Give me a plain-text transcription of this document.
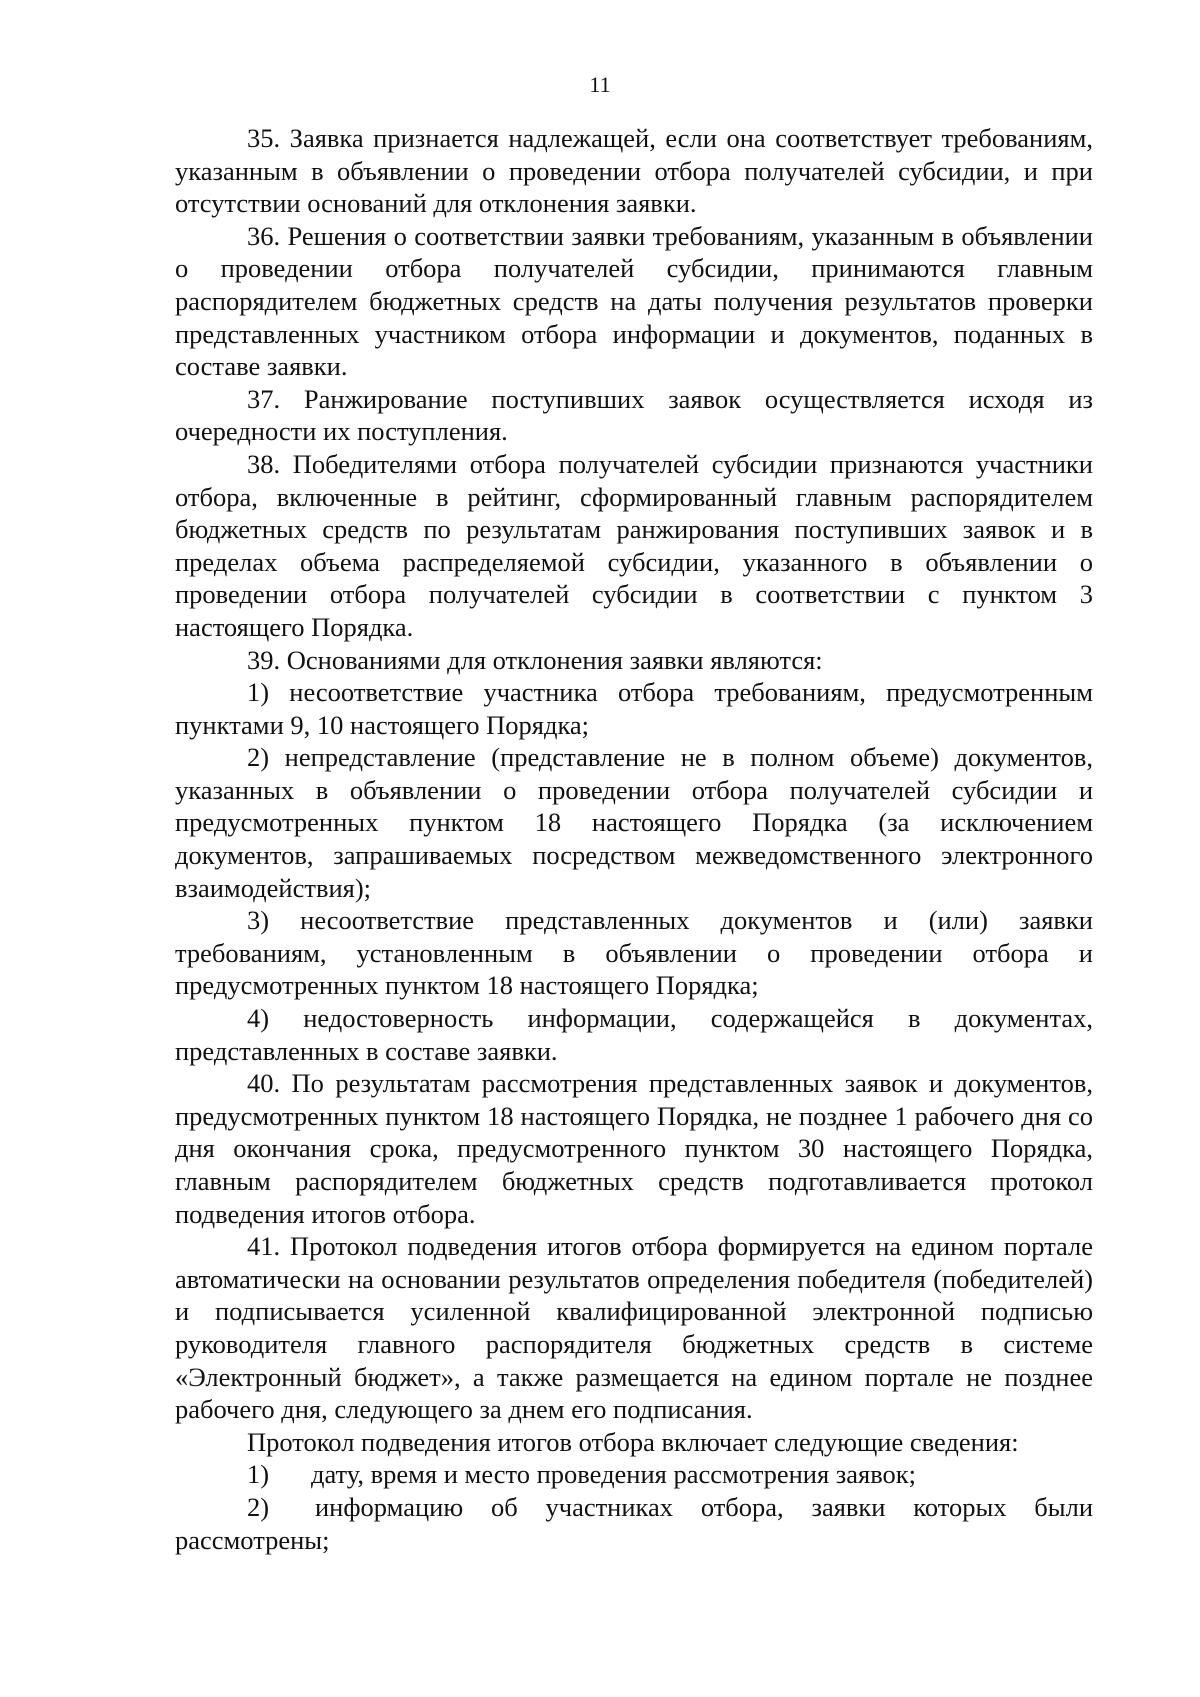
11

35. Заявка признается надлежащей, если она соответствует требованиям, указанным в объявлении о проведении отбора получателей субсидии, и при отсутствии оснований для отклонения заявки.

36. Решения о соответствии заявки требованиям, указанным в объявлении о проведении отбора получателей субсидии, принимаются главным распорядителем бюджетных средств на даты получения результатов проверки представленных участником отбора информации и документов, поданных в составе заявки.

37. Ранжирование поступивших заявок осуществляется исходя из очередности их поступления.

38. Победителями отбора получателей субсидии признаются участники отбора, включенные в рейтинг, сформированный главным распорядителем бюджетных средств по результатам ранжирования поступивших заявок и в пределах объема распределяемой субсидии, указанного в объявлении о проведении отбора получателей субсидии в соответствии с пунктом 3 настоящего Порядка.

39. Основаниями для отклонения заявки являются:

1) несоответствие участника отбора требованиям, предусмотренным пунктами 9, 10 настоящего Порядка;

2) непредставление (представление не в полном объеме) документов, указанных в объявлении о проведении отбора получателей субсидии и предусмотренных пунктом 18 настоящего Порядка (за исключением документов, запрашиваемых посредством межведомственного электронного взаимодействия);

3) несоответствие представленных документов и (или) заявки требованиям, установленным в объявлении о проведении отбора и предусмотренных пунктом 18 настоящего Порядка;

4) недостоверность информации, содержащейся в документах, представленных в составе заявки.

40. По результатам рассмотрения представленных заявок и документов, предусмотренных пунктом 18 настоящего Порядка, не позднее 1 рабочего дня со дня окончания срока, предусмотренного пунктом 30 настоящего Порядка, главным распорядителем бюджетных средств подготавливается протокол подведения итогов отбора.

41. Протокол подведения итогов отбора формируется на едином портале автоматически на основании результатов определения победителя (победителей) и подписывается усиленной квалифицированной электронной подписью руководителя главного распорядителя бюджетных средств в системе «Электронный бюджет», а также размещается на едином портале не позднее рабочего дня, следующего за днем его подписания.

Протокол подведения итогов отбора включает следующие сведения:

1)	дату, время и место проведения рассмотрения заявок;

2) информацию об участниках отбора, заявки которых были рассмотрены;
